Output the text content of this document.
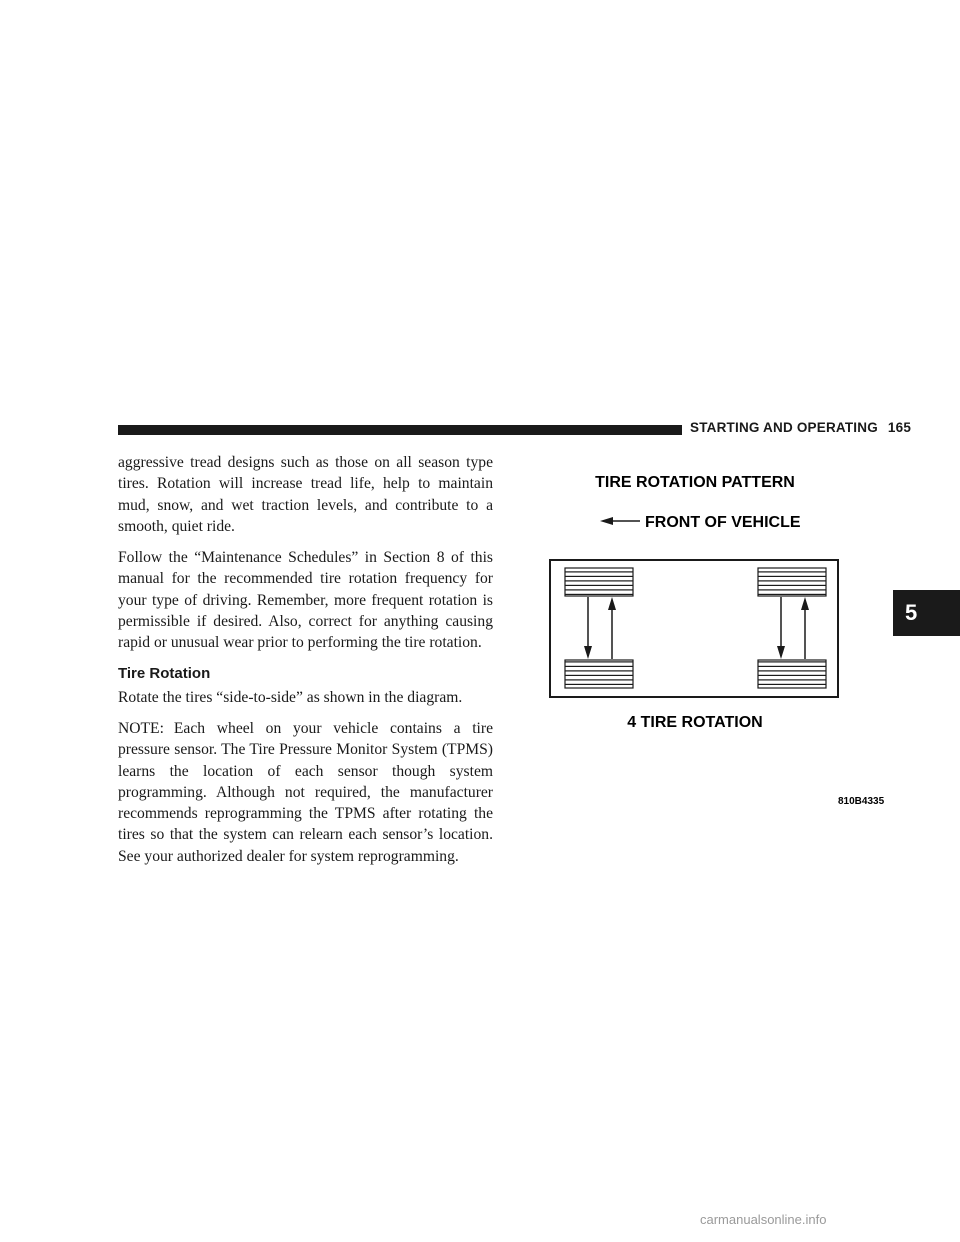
STARTING AND OPERATING 165

aggressive tread designs such as those on all season type tires. Rotation will increase tread life, help to maintain mud, snow, and wet traction levels, and contribute to a smooth, quiet ride.

Follow the “Maintenance Schedules” in Section 8 of this manual for the recommended tire rotation frequency for your type of driving. Remember, more frequent rotation is permissible if desired. Also, correct for anything causing rapid or unusual wear prior to performing the tire rotation.

Tire Rotation

Rotate the tires “side-to-side” as shown in the diagram.

NOTE: Each wheel on your vehicle contains a tire pressure sensor. The Tire Pressure Monitor System (TPMS) learns the location of each sensor though system programming. Although not required, the manufacturer recommends reprogramming the TPMS after rotating the tires so that the system can relearn each sensor’s location. See your authorized dealer for system reprogramming.

TIRE ROTATION PATTERN
FRONT OF VEHICLE
4 TIRE ROTATION
810B4335
5
carmanualsonline.info
